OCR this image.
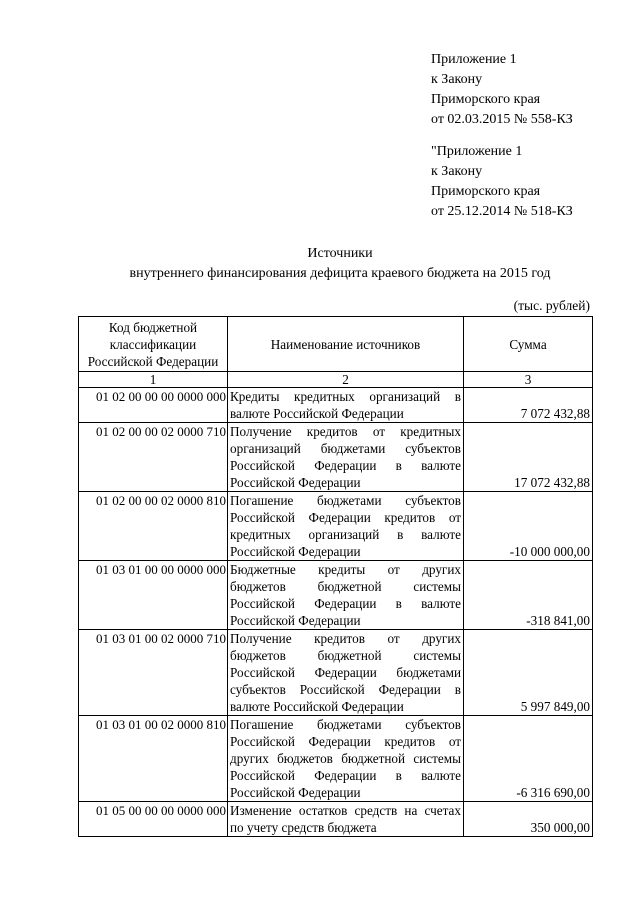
Приложение 1
к Закону
Приморского края
от 02.03.2015 № 558-КЗ
"Приложение 1
к Закону
Приморского края
от 25.12.2014 № 518-КЗ
Источники
внутреннего финансирования дефицита краевого бюджета на 2015 год
(тыс. рублей)
Код бюджетной классификации Российской Федерации	Наименование источников	Сумма
1	2	3
01 02 00 00 00 0000 000	Кредиты кредитных организаций в валюте Российской Федерации	7 072 432,88
01 02 00 00 02 0000 710	Получение кредитов от кредитных организаций бюджетами субъектов Российской Федерации в валюте Российской Федерации	17 072 432,88
01 02 00 00 02 0000 810	Погашение бюджетами субъектов Российской Федерации кредитов от кредитных организаций в валюте Российской Федерации	-10 000 000,00
01 03 01 00 00 0000 000	Бюджетные кредиты от других бюджетов бюджетной системы Российской Федерации в валюте Российской Федерации	-318 841,00
01 03 01 00 02 0000 710	Получение кредитов от других бюджетов бюджетной системы Российской Федерации бюджетами субъектов Российской Федерации в валюте Российской Федерации	5 997 849,00
01 03 01 00 02 0000 810	Погашение бюджетами субъектов Российской Федерации кредитов от других бюджетов бюджетной системы Российской Федерации в валюте Российской Федерации	-6 316 690,00
01 05 00 00 00 0000 000	Изменение остатков средств на счетах по учету средств бюджета	350 000,00
